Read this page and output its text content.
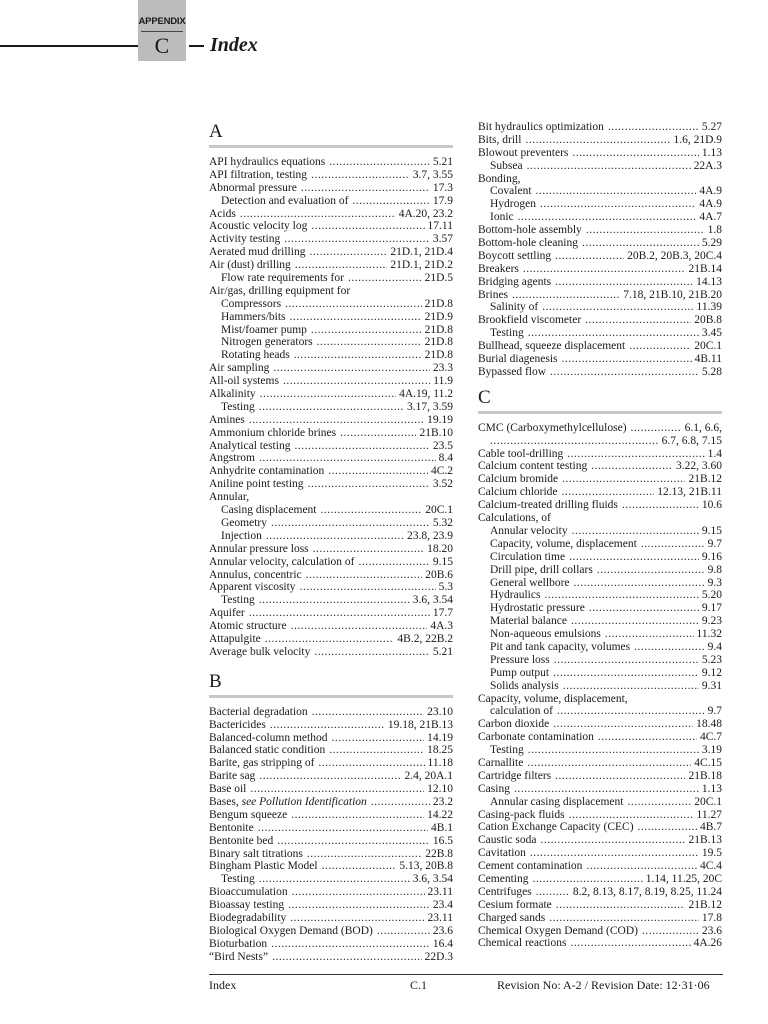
APPENDIX
C	Index
A
API hydraulics equations .....	5.21
API filtration, testing .....	3.7, 3.55
Abnormal pressure .....	17.3
Detection and evaluation of .....	17.9
Acids .....	4A.20, 23.2
Acoustic velocity log .....	17.11
Activity testing .....	3.57
Aerated mud drilling .....	21D.1, 21D.4
Air (dust) drilling .....	21D.1, 21D.2
Flow rate requirements for .....	21D.5
Air/gas, drilling equipment for
Compressors .....	21D.8
Hammers/bits .....	21D.9
Mist/foamer pump .....	21D.8
Nitrogen generators .....	21D.8
Rotating heads .....	21D.8
Air sampling .....	23.3
All-oil systems .....	11.9
Alkalinity .....	4A.19, 11.2
Testing .....	3.17, 3.59
Amines .....	19.19
Ammonium chloride brines .....	21B.10
Analytical testing .....	23.5
Angstrom .....	8.4
Anhydrite contamination .....	4C.2
Aniline point testing .....	3.52
Annular,
Casing displacement .....	20C.1
Geometry .....	5.32
Injection .....	23.8, 23.9
Annular pressure loss .....	18.20
Annular velocity, calculation of .....	9.15
Annulus, concentric .....	20B.6
Apparent viscosity .....	5.3
Testing .....	3.6, 3.54
Aquifer .....	17.7
Atomic structure .....	4A.3
Attapulgite .....	4B.2, 22B.2
Average bulk velocity .....	5.21
B
Bacterial degradation .....	23.10
Bactericides .....	19.18, 21B.13
Balanced-column method .....	14.19
Balanced static condition .....	18.25
Barite, gas stripping of .....	11.18
Barite sag .....	2.4, 20A.1
Base oil .....	12.10
Bases, see Pollution Identification .....	23.2
Bengum squeeze .....	14.22
Bentonite .....	4B.1
Bentonite bed .....	16.5
Binary salt titrations .....	22B.8
Bingham Plastic Model .....	5.13, 20B.8
Testing .....	3.6, 3.54
Bioaccumulation .....	23.11
Bioassay testing .....	23.4
Biodegradability .....	23.11
Biological Oxygen Demand (BOD) .....	23.6
Bioturbation .....	16.4
“Bird Nests” .....	22D.3
Bit hydraulics optimization .....	5.27
Bits, drill .....	1.6, 21D.9
Blowout preventers .....	1.13
Subsea .....	22A.3
Bonding,
Covalent .....	4A.9
Hydrogen .....	4A.9
Ionic .....	4A.7
Bottom-hole assembly .....	1.8
Bottom-hole cleaning .....	5.29
Boycott settling .....	20B.2, 20B.3, 20C.4
Breakers .....	21B.14
Bridging agents .....	14.13
Brines .....	7.18, 21B.10, 21B.20
Salinity of .....	11.39
Brookfield viscometer .....	20B.8
Testing .....	3.45
Bullhead, squeeze displacement .....	20C.1
Burial diagenesis .....	4B.11
Bypassed flow .....	5.28
C
CMC (Carboxymethylcellulose) .....	6.1, 6.6,
.....
6.7, 6.8, 7.15
Cable tool-drilling .....	1.4
Calcium content testing .....	3.22, 3.60
Calcium bromide .....	21B.12
Calcium chloride .....	12.13, 21B.11
Calcium-treated drilling fluids .....	10.6
Calculations, of
Annular velocity .....	9.15
Capacity, volume, displacement .....	9.7
Circulation time .....	9.16
Drill pipe, drill collars .....	9.8
General wellbore .....	9.3
Hydraulics .....	5.20
Hydrostatic pressure .....	9.17
Material balance .....	9.23
Non-aqueous emulsions .....	11.32
Pit and tank capacity, volumes .....	9.4
Pressure loss .....	5.23
Pump output .....	9.12
Solids analysis .....	9.31
Capacity, volume, displacement,
calculation of .....	9.7
Carbon dioxide .....	18.48
Carbonate contamination .....	4C.7
Testing .....	3.19
Carnallite .....	4C.15
Cartridge filters .....	21B.18
Casing .....	1.13
Annular casing displacement .....	20C.1
Casing-pack fluids .....	11.27
Cation Exchange Capacity (CEC) .....	4B.7
Caustic soda .....	21B.13
Cavitation .....	19.5
Cement contamination .....	4C.4
Cementing .....	1.14, 11.25, 20C
Centrifuges .....	8.2, 8.13, 8.17, 8.19, 8.25, 11.24
Cesium formate .....	21B.12
Charged sands .....	17.8
Chemical Oxygen Demand (COD) .....	23.6
Chemical reactions .....	4A.26
Index	C.1	Revision No: A-2 / Revision Date: 12·31·06
